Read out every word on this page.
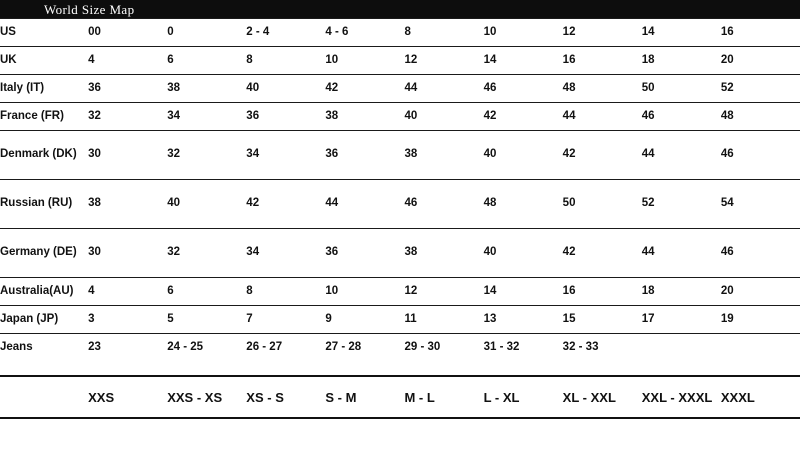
World Size Map
US	00	0	2 - 4	4 - 6	8	10	12	14	16

UK	4	6	8	10	12	14	16	18	20

Italy (IT)	36	38	40	42	44	46	48	50	52

France (FR)	32	34	36	38	40	42	44	46	48

Denmark (DK)	30	32	34	36	38	40	42	44	46

Russian (RU)	38	40	42	44	46	48	50	52	54

Germany (DE)	30	32	34	36	38	40	42	44	46

Australia(AU)	4	6	8	10	12	14	16	18	20

Japan (JP)	3	5	7	9	11	13	15	17	19

Jeans	23	24 - 25	26 - 27	27 - 28	29 - 30	31 - 32	32 - 33		
	XXS	XXS - XS	XS - S	S - M	M - L	L - XL	XL - XXL	XXL - XXXL	XXXL
